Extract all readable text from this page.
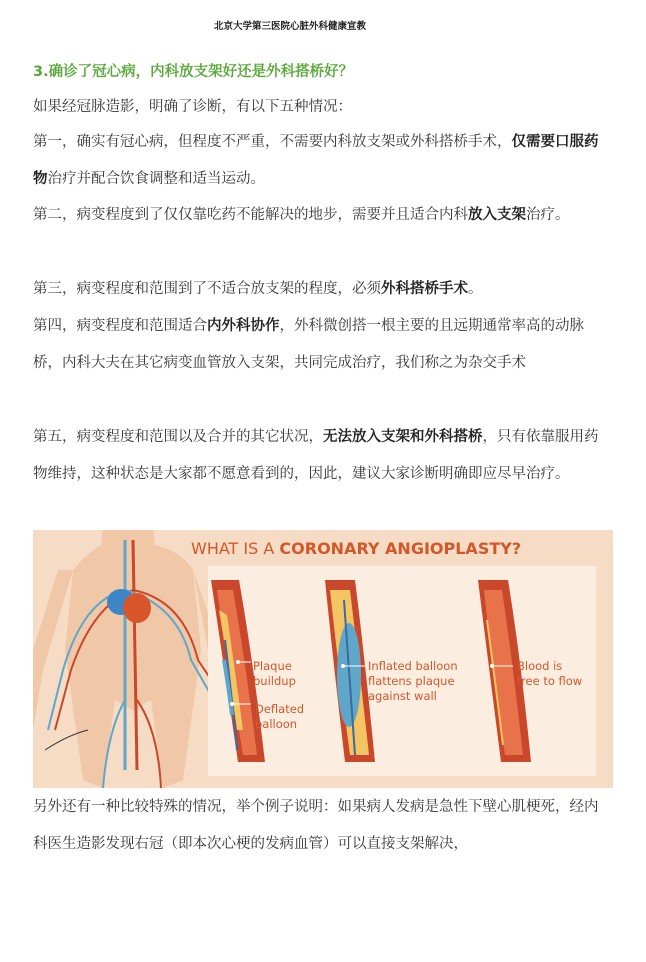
北京大学第三医院心脏外科健康宣教
3.确诊了冠心病，内科放支架好还是外科搭桥好？
如果经冠脉造影，明确了诊断，有以下五种情况：
第一，确实有冠心病，但程度不严重，不需要内科放支架或外科搭桥手术，仅需要口服药物治疗并配合饮食调整和适当运动。
第二，病变程度到了仅仅靠吃药不能解决的地步，需要并且适合内科放入支架治疗。
第三，病变程度和范围到了不适合放支架的程度，必须外科搭桥手术。
第四，病变程度和范围适合内外科协作，外科微创搭一根主要的且远期通常率高的动脉桥，内科大夫在其它病变血管放入支架，共同完成治疗，我们称之为杂交手术
第五，病变程度和范围以及合并的其它状况，无法放入支架和外科搭桥，只有依靠服用药物维持，这种状态是大家都不愿意看到的，因此，建议大家诊断明确即应尽早治疗。
WHAT IS A CORONARY ANGIOPLASTY?
Plaque
buildup
Deflated
balloon
Inflated balloon
flattens plaque
against wall
Blood is
free to flow
另外还有一种比较特殊的情况，举个例子说明：如果病人发病是急性下壁心肌梗死，经内科医生造影发现右冠（即本次心梗的发病血管）可以直接支架解决，
